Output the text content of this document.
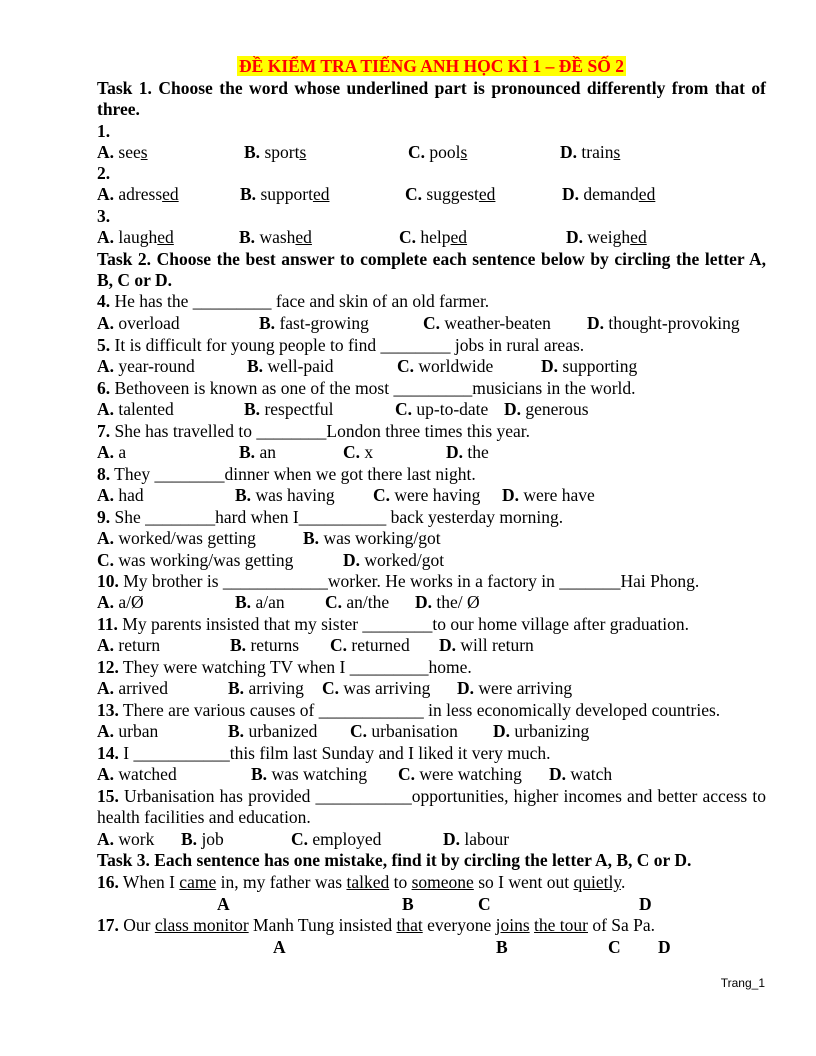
ĐỀ KIỂM TRA TIẾNG ANH HỌC KÌ 1 – ĐỀ SỐ 2
Task 1. Choose the word whose underlined part is pronounced differently from that of three.
1.
A. sees	B. sports	C. pools	D. trains
2.
A. adressed	B. supported	C. suggested	D. demanded
3.
A. laughed	B. washed	C. helped	D. weighed
Task 2. Choose the best answer to complete each sentence below by circling the letter A, B, C or D.
4. He has the _________ face and skin of an old farmer.
A. overload	B. fast-growing	C. weather-beaten D. thought-provoking
5. It is difficult for young people to find ________ jobs in rural areas.
A. year-round	B. well-paid	C. worldwide	D. supporting
6. Bethoveen is known as one of the most _________musicians in the world.
A. talented	B. respectful	C. up-to-date D. generous
7. She has travelled to ________London three times this year.
A. a	B. an	C. x	D. the
8. They ________dinner when we got there last night.
A. had	B. was having C. were having D. were have
9. She ________hard when I__________ back yesterday morning.
A. worked/was getting	B. was working/got
C. was working/was getting	D. worked/got
10. My brother is ____________worker. He works in a factory in _______Hai Phong.
A. a/Ø	B. a/an C. an/the D. the/ Ø
11. My parents insisted that my sister ________to our home village after graduation.
A. return	B. returns C. returned D. will return
12. They were watching TV when I _________home.
A. arrived	B. arriving C. was arriving D. were arriving
13. There are various causes of ____________ in less economically developed countries.
A. urban	B. urbanized C. urbanisation D. urbanizing
14. I ___________this film last Sunday and I liked it very much.
A. watched	B. was watching C. were watching D. watch
15. Urbanisation has provided ___________opportunities, higher incomes and better access to health facilities and education.
A. work B. job	C. employed	D. labour
Task 3. Each sentence has one mistake, find it by circling the letter A, B, C or D.
16. When I came in, my father was talked to someone so I went out quietly.
A	B	C	D
17. Our class monitor Manh Tung insisted that everyone joins the tour of Sa Pa.
A	B	C D
Trang_1
